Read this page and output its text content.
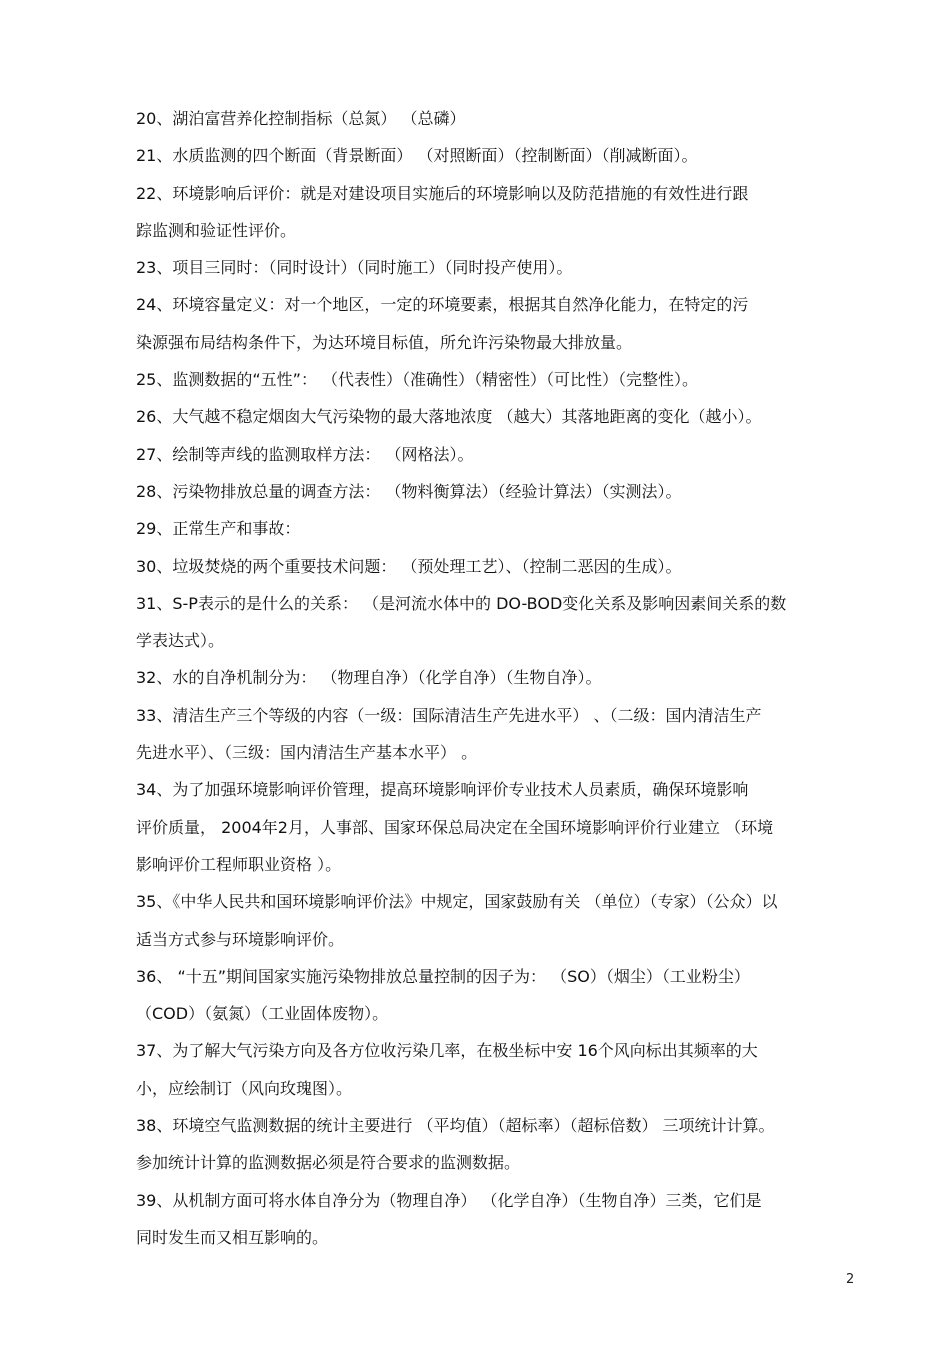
20、湖泊富营养化控制指标（总氮） （总磷）
21、水质监测的四个断面（背景断面） （对照断面）（控制断面）（削减断面）。
22、环境影响后评价：就是对建设项目实施后的环境影响以及防范措施的有效性进行跟
踪监测和验证性评价。
23、项目三同时：（同时设计）（同时施工）（同时投产使用）。
24、环境容量定义：对一个地区，一定的环境要素，根据其自然净化能力，在特定的污
染源强布局结构条件下，为达环境目标值，所允许污染物最大排放量。
25、监测数据的“五性”： （代表性）（准确性）（精密性）（可比性）（完整性）。
26、大气越不稳定烟囱大气污染物的最大落地浓度 （越大）其落地距离的变化（越小）。
27、绘制等声线的监测取样方法： （网格法）。
28、污染物排放总量的调查方法： （物料衡算法）（经验计算法）（实测法）。
29、正常生产和事故：
30、垃圾焚烧的两个重要技术问题： （预处理工艺）、（控制二恶因的生成）。
31、S-P表示的是什么的关系： （是河流水体中的 DO-BOD变化关系及影响因素间关系的数
学表达式）。
32、水的自净机制分为： （物理自净）（化学自净）（生物自净）。
33、清洁生产三个等级的内容（一级：国际清洁生产先进水平） 、（二级：国内清洁生产
先进水平）、（三级：国内清洁生产基本水平） 。
34、为了加强环境影响评价管理，提高环境影响评价专业技术人员素质，确保环境影响
评价质量， 2004年2月，人事部、国家环保总局决定在全国环境影响评价行业建立 （环境
影响评价工程师职业资格 ）。
35、《中华人民共和国环境影响评价法》中规定，国家鼓励有关 （单位）（专家）（公众）以
适当方式参与环境影响评价。
36、 “十五”期间国家实施污染物排放总量控制的因子为： （SO）（烟尘）（工业粉尘）
（COD）（氨氮）（工业固体废物）。
37、为了解大气污染方向及各方位收污染几率，在极坐标中安 16个风向标出其频率的大
小，应绘制订（风向玫瑰图）。
38、环境空气监测数据的统计主要进行 （平均值）（超标率）（超标倍数） 三项统计计算。
参加统计计算的监测数据必须是符合要求的监测数据。
39、从机制方面可将水体自净分为（物理自净） （化学自净）（生物自净）三类，它们是
同时发生而又相互影响的。
2
